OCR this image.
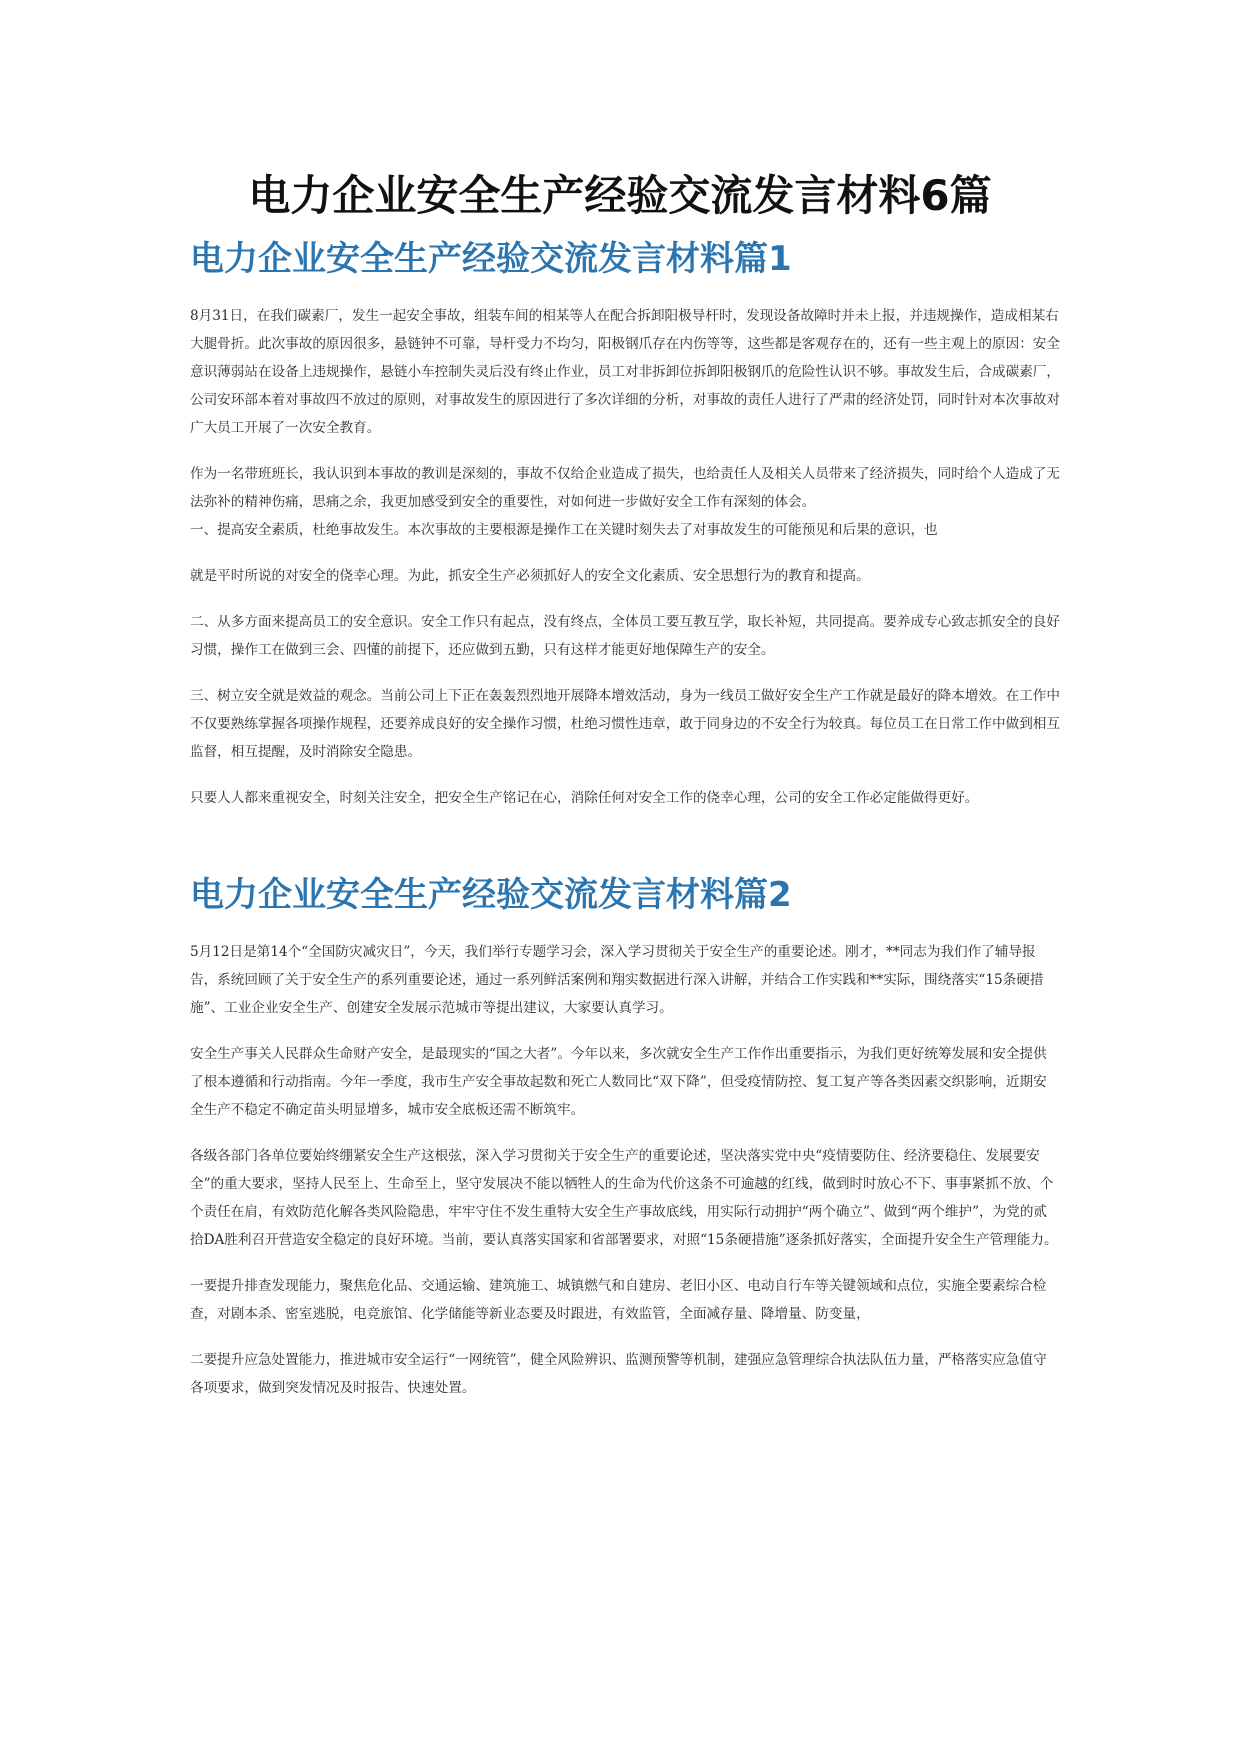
电力企业安全生产经验交流发言材料6篇
电力企业安全生产经验交流发言材料篇1

8月31日，在我们碳素厂，发生一起安全事故，组装车间的相某等人在配合拆卸阳极导杆时，发现设备故障时并未上报，并违规操作，造成相某右大腿骨折。此次事故的原因很多，悬链钟不可靠，导杆受力不均匀，阳极钢爪存在内伤等等，这些都是客观存在的，还有一些主观上的原因：安全意识薄弱站在设备上违规操作，悬链小车控制失灵后没有终止作业，员工对非拆卸位拆卸阳极钢爪的危险性认识不够。事故发生后，合成碳素厂，公司安环部本着对事故四不放过的原则，对事故发生的原因进行了多次详细的分析，对事故的责任人进行了严肃的经济处罚，同时针对本次事故对广大员工开展了一次安全教育。

作为一名带班班长，我认识到本事故的教训是深刻的，事故不仅给企业造成了损失，也给责任人及相关人员带来了经济损失，同时给个人造成了无法弥补的精神伤痛，思痛之余，我更加感受到安全的重要性，对如何进一步做好安全工作有深刻的体会。

一、提高安全素质，杜绝事故发生。本次事故的主要根源是操作工在关键时刻失去了对事故发生的可能预见和后果的意识，也

就是平时所说的对安全的侥幸心理。为此，抓安全生产必须抓好人的安全文化素质、安全思想行为的教育和提高。

二、从多方面来提高员工的安全意识。安全工作只有起点，没有终点，全体员工要互教互学，取长补短，共同提高。要养成专心致志抓安全的良好习惯，操作工在做到三会、四懂的前提下，还应做到五勤，只有这样才能更好地保障生产的安全。

三、树立安全就是效益的观念。当前公司上下正在轰轰烈烈地开展降本增效活动，身为一线员工做好安全生产工作就是最好的降本增效。在工作中不仅要熟练掌握各项操作规程，还要养成良好的安全操作习惯，杜绝习惯性违章，敢于同身边的不安全行为较真。每位员工在日常工作中做到相互监督，相互提醒，及时消除安全隐患。

只要人人都来重视安全，时刻关注安全，把安全生产铭记在心，消除任何对安全工作的侥幸心理，公司的安全工作必定能做得更好。

电力企业安全生产经验交流发言材料篇2

5月12日是第14个“全国防灾减灾日”，今天，我们举行专题学习会，深入学习贯彻关于安全生产的重要论述。刚才，**同志为我们作了辅导报告，系统回顾了关于安全生产的系列重要论述，通过一系列鲜活案例和翔实数据进行深入讲解，并结合工作实践和**实际，围绕落实“15条硬措施”、工业企业安全生产、创建安全发展示范城市等提出建议，大家要认真学习。

安全生产事关人民群众生命财产安全，是最现实的“国之大者”。今年以来，多次就安全生产工作作出重要指示，为我们更好统筹发展和安全提供了根本遵循和行动指南。今年一季度，我市生产安全事故起数和死亡人数同比“双下降”，但受疫情防控、复工复产等各类因素交织影响，近期安全生产不稳定不确定苗头明显增多，城市安全底板还需不断筑牢。

各级各部门各单位要始终绷紧安全生产这根弦，深入学习贯彻关于安全生产的重要论述，坚决落实党中央“疫情要防住、经济要稳住、发展要安全”的重大要求，坚持人民至上、生命至上，坚守发展决不能以牺牲人的生命为代价这条不可逾越的红线，做到时时放心不下、事事紧抓不放、个个责任在肩，有效防范化解各类风险隐患，牢牢守住不发生重特大安全生产事故底线，用实际行动拥护“两个确立”、做到“两个维护”，为党的贰拾DA胜利召开营造安全稳定的良好环境。当前，要认真落实国家和省部署要求，对照“15条硬措施”逐条抓好落实，全面提升安全生产管理能力。

一要提升排查发现能力，聚焦危化品、交通运输、建筑施工、城镇燃气和自建房、老旧小区、电动自行车等关键领域和点位，实施全要素综合检查，对剧本杀、密室逃脱，电竞旅馆、化学储能等新业态要及时跟进，有效监管，全面减存量、降增量、防变量，

二要提升应急处置能力，推进城市安全运行“一网统管”，健全风险辨识、监测预警等机制，建强应急管理综合执法队伍力量，严格落实应急值守各项要求，做到突发情况及时报告、快速处置。
